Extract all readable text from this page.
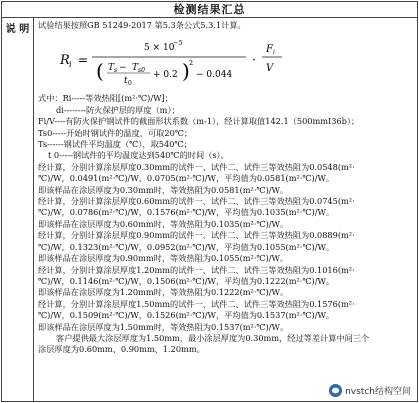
检测结果汇总
说 明	试验结果按照GB 51249-2017 第5.3条公式5.3.1计算。
R i =
5 × 10
−5
( T s − T s0
t 0
+ 0.2 ) 2
− 0.044
·
F i
V
式中：Ri-----等效热阻[(m²·℃)/W]；
di--------防火保护层的厚度（m）；
Fi/V----有防火保护钢试件的截面形状系数（m-1），经计算取值142.1（500mmI36b）；
Ts0-----开始时钢试件的温度，可取20℃；
Ts------钢试件平均温度（℃），取540℃；
t 0-----钢试件的平均温度达到540℃的时间（s）。
经计算，分别计算涂层厚度0.30mm的试件一、试件二、试件三等效热阻为0.0548(m²·
℃)/W，0.0491(m²·℃)/W，0.0705(m²·℃)/W，平均值为0.0581(m²·℃)/W。
即该样品在涂层厚度为0.30mm时，等效热阻为0.0581(m²·℃)/W。
经计算，分别计算涂层厚度0.60mm的试件一、试件二、试件三等效热阻为0.0745(m²·
℃)/W，0.0786(m²·℃)/W，0.1576(m²·℃)/W，平均值为0.1035(m²·℃)/W。
即该样品在涂层厚度为0.60mm时，等效热阻为0.1035(m²·℃)/W。
经计算，分别计算涂层厚度0.90mm的试件一、试件二、试件三等效热阻为0.0889(m²·
℃)/W，0.1323(m²·℃)/W，0.0952(m²·℃)/W，平均值为0.1055(m²·℃)/W。
即该样品在涂层厚度为0.90mm时，等效热阻为0.1055(m²·℃)/W。
经计算，分别计算涂层厚度1.20mm的试件一、试件二、试件三等效热阻为0.1016(m²·
℃)/W，0.1146(m²·℃)/W，0.1506(m²·℃)/W，平均值为0.1222(m²·℃)/W。
即该样品在涂层厚度为1.20mm时，等效热阻为0.1222(m²·℃)/W。
经计算，分别计算涂层厚度1.50mm的试件一、试件二、试件三等效热阻为0.1576(m²·
℃)/W，0.1509(m²·℃)/W，0.1526(m²·℃)/W，平均值为0.1537(m²·℃)/W。
即该样品在涂层厚度为1.50mm时，等效热阻为0.1537(m²·℃)/W。
客户提供最大涂层厚度为1.50mm，最小涂层厚度为0.30mm，经过等差计算中间三个
涂层厚度为0.60mm、0.90mm、1.20mm。
nvstch结构空间
